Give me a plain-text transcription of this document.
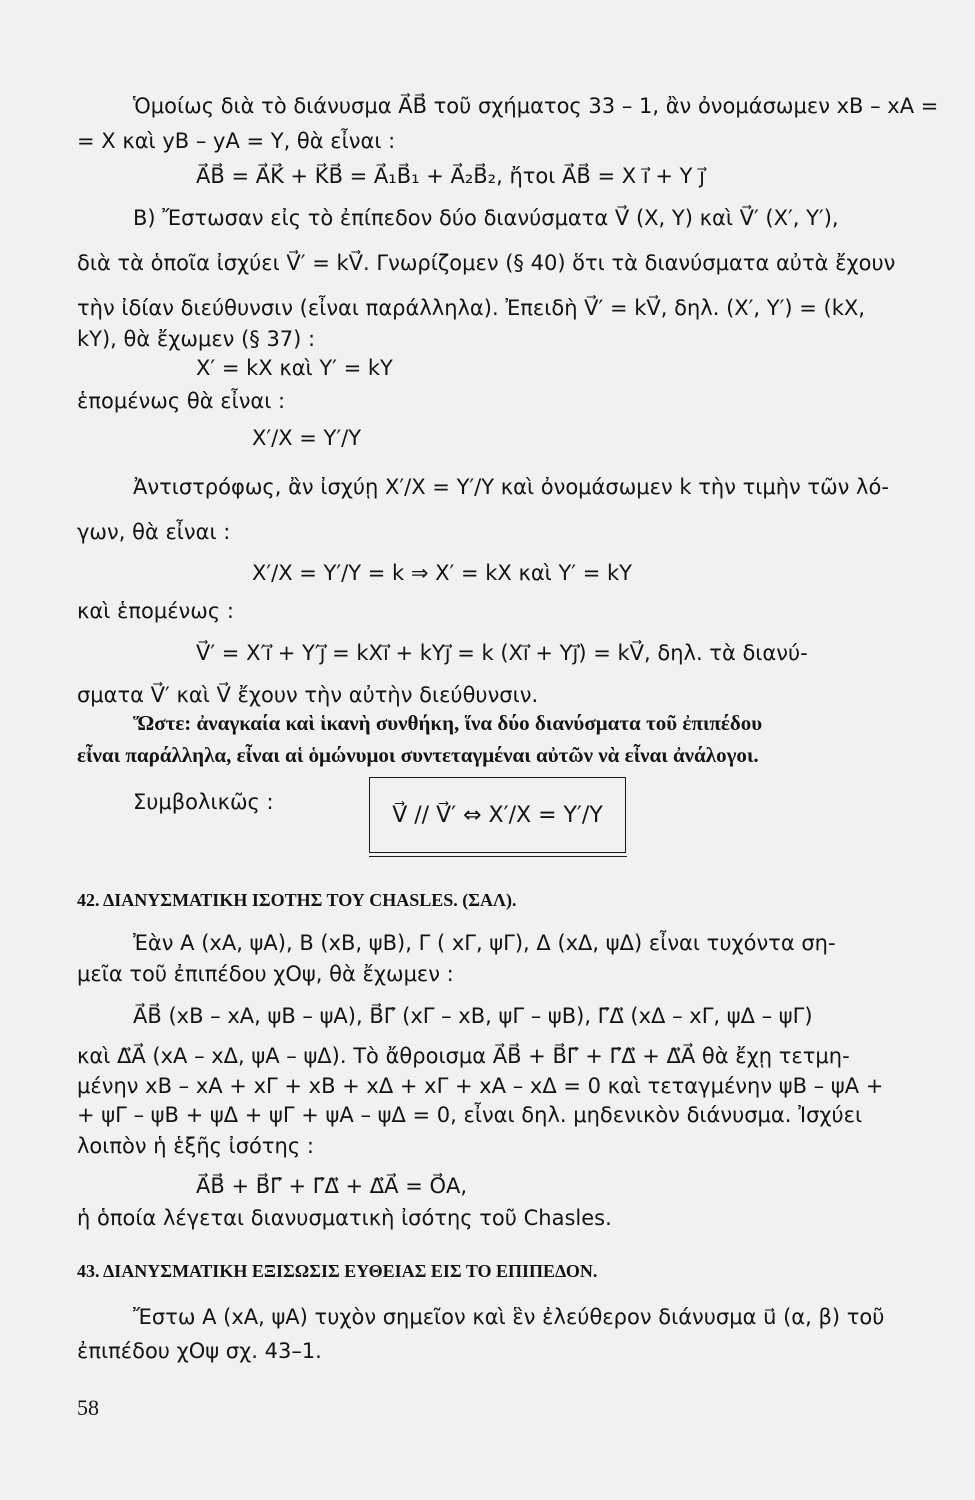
Ὁμοίως διὰ τὸ διάνυσμα A⃗B⃗ τοῦ σχήματος 33 – 1, ἂν ὀνομάσωμεν xB – xA =
= X καὶ yB – yA = Y, θὰ εἶναι :
A⃗B⃗ = A⃗K⃗ + K⃗B⃗ = A⃗₁B⃗₁ + A⃗₂B⃗₂, ἤτοι A⃗B⃗ = X i⃗ + Y j⃗
B) Ἔστωσαν εἰς τὸ ἐπίπεδον δύο διανύσματα V⃗ (X, Y) καὶ V⃗′ (X′, Y′),
διὰ τὰ ὁποῖα ἰσχύει V⃗′ = kV⃗. Γνωρίζομεν (§ 40) ὅτι τὰ διανύσματα αὐτὰ ἔχουν
τὴν ἰδίαν διεύθυνσιν (εἶναι παράλληλα). Ἐπειδὴ V⃗′ = kV⃗, δηλ. (X′, Y′) = (kX,
kY), θὰ ἔχωμεν (§ 37) :
X′ = kX καὶ Y′ = kY
ἑπομένως θὰ εἶναι :
X′/X = Y′/Y
Ἀντιστρόφως, ἂν ἰσχύῃ X′/X = Y′/Y καὶ ὀνομάσωμεν k τὴν τιμὴν τῶν λό-
γων, θὰ εἶναι :
X′/X = Y′/Y = k ⇒ X′ = kX καὶ Y′ = kY
καὶ ἑπομένως :
V⃗′ = X′i⃗ + Y′j⃗ = kXi⃗ + kYj⃗ = k (Xi⃗ + Yj⃗) = kV⃗, δηλ. τὰ διανύ-
σματα V⃗′ καὶ V⃗ ἔχουν τὴν αὐτὴν διεύθυνσιν.
Ὥστε: ἀναγκαία καὶ ἱκανὴ συνθήκη, ἵνα δύο διανύσματα τοῦ ἐπιπέδου
εἶναι παράλληλα, εἶναι αἱ ὁμώνυμοι συντεταγμέναι αὐτῶν νὰ εἶναι ἀνάλογοι.
Συμβολικῶς :
V⃗ // V⃗′ ⇔ X′/X = Y′/Y
42. ΔΙΑΝΥΣΜΑΤΙΚΗ ΙΣΟΤΗΣ ΤΟΥ CHASLES. (ΣΑΛ).
Ἐὰν A (xA, ψA), B (xB, ψB), Γ ( xΓ, ψΓ), Δ (xΔ, ψΔ) εἶναι τυχόντα ση-
μεῖα τοῦ ἐπιπέδου χOψ, θὰ ἔχωμεν :
A⃗B⃗ (xB – xA, ψB – ψA), B⃗Γ⃗ (xΓ – xB, ψΓ – ψB), Γ⃗Δ⃗ (xΔ – xΓ, ψΔ – ψΓ)
καὶ Δ⃗A⃗ (xA – xΔ, ψA – ψΔ). Τὸ ἄθροισμα A⃗B⃗ + B⃗Γ⃗ + Γ⃗Δ⃗ + Δ⃗A⃗ θὰ ἔχῃ τετμη-
μένην xB – xA + xΓ + xB + xΔ + xΓ + xA – xΔ = 0 καὶ τεταγμένην ψB – ψA +
+ ψΓ – ψB + ψΔ + ψΓ + ψA – ψΔ = 0, εἶναι δηλ. μηδενικὸν διάνυσμα. Ἰσχύει
λοιπὸν ἡ ἑξῆς ἰσότης :
A⃗B⃗ + B⃗Γ⃗ + Γ⃗Δ⃗ + Δ⃗A⃗ = O⃗A,
ἡ ὁποία λέγεται διανυσματικὴ ἰσότης τοῦ Chasles.
43. ΔΙΑΝΥΣΜΑΤΙΚΗ ΕΞΙΣΩΣΙΣ ΕΥΘΕΙΑΣ ΕΙΣ ΤΟ ΕΠΙΠΕΔΟΝ.
Ἔστω A (xA, ψA) τυχὸν σημεῖον καὶ ἓν ἐλεύθερον διάνυσμα u⃗ (α, β) τοῦ
ἐπιπέδου χOψ σχ. 43–1.
58
